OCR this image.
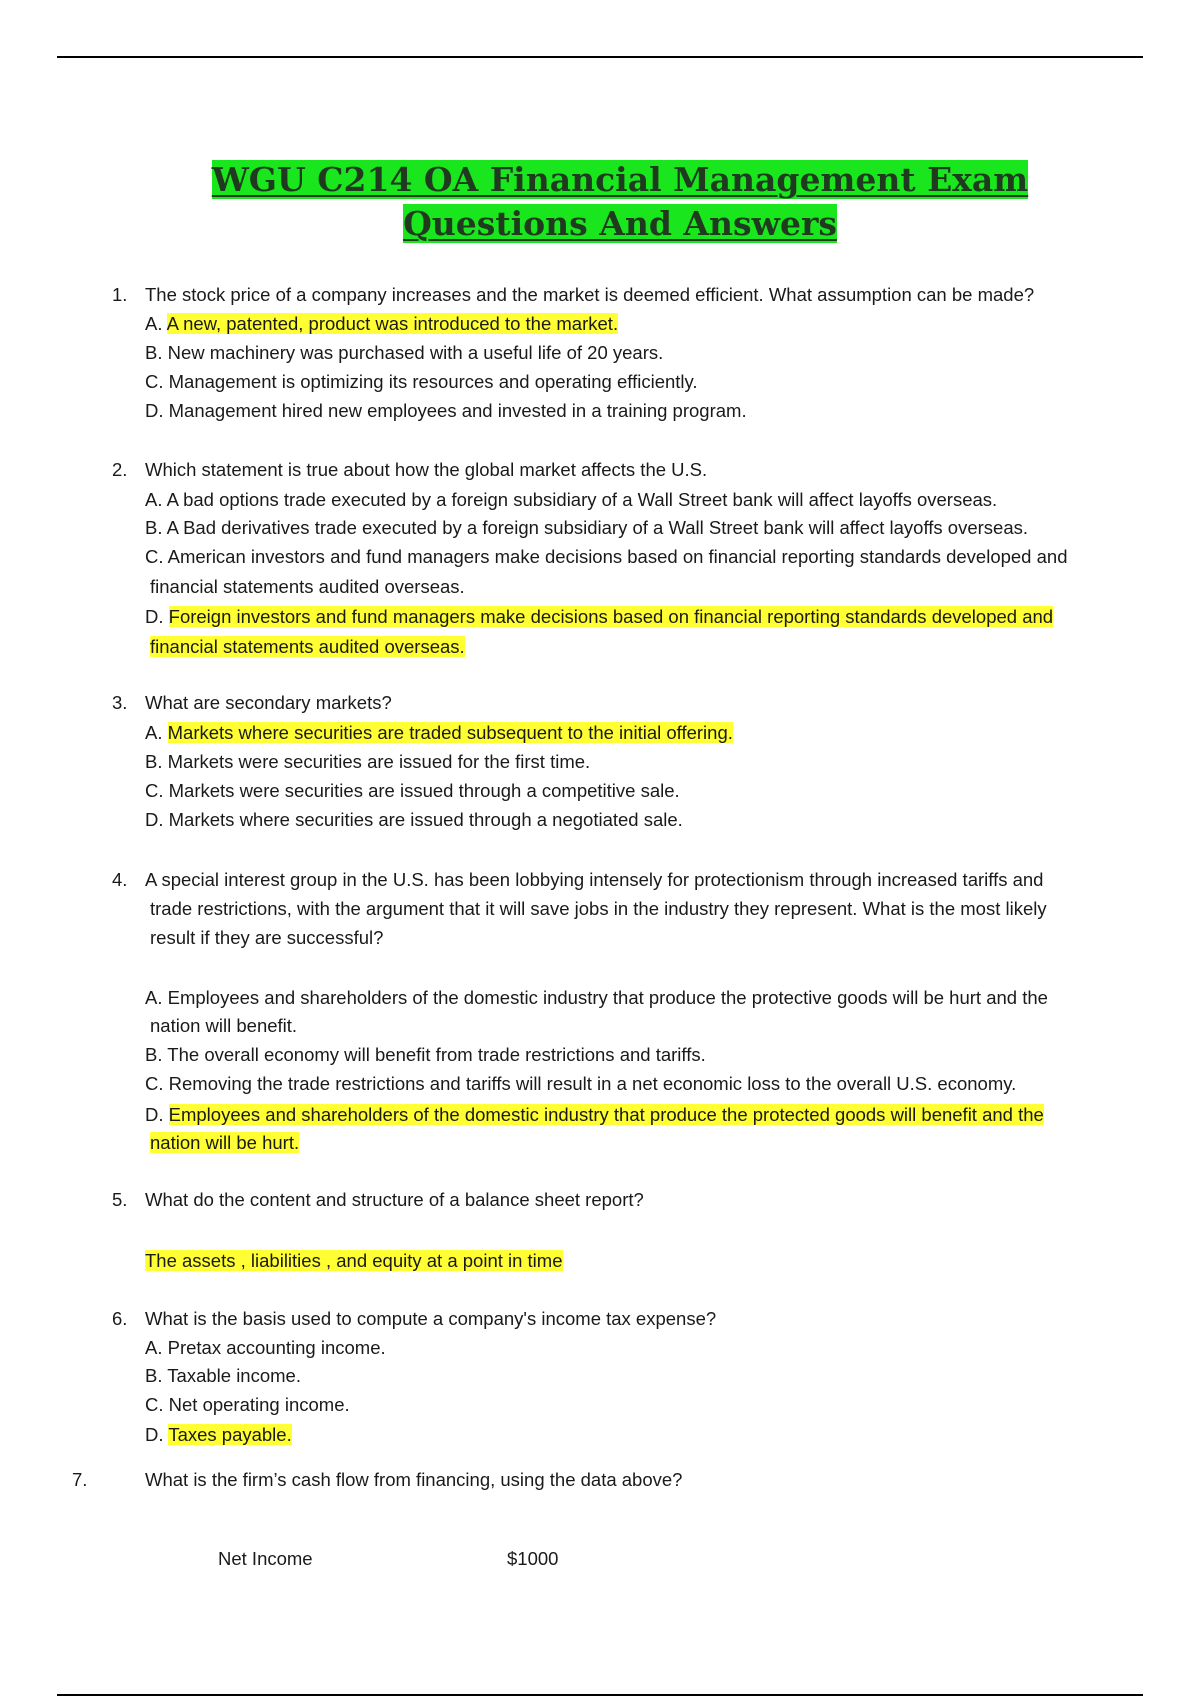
WGU C214 OA Financial Management Exam Questions And Answers
1. The stock price of a company increases and the market is deemed efficient. What assumption can be made?
A. A new, patented, product was introduced to the market.
B. New machinery was purchased with a useful life of 20 years.
C. Management is optimizing its resources and operating efficiently.
D. Management hired new employees and invested in a training program.
2. Which statement is true about how the global market affects the U.S.
A. A bad options trade executed by a foreign subsidiary of a Wall Street bank will affect layoffs overseas.
B. A Bad derivatives trade executed by a foreign subsidiary of a Wall Street bank will affect layoffs overseas.
C. American investors and fund managers make decisions based on financial reporting standards developed and
financial statements audited overseas.
D. Foreign investors and fund managers make decisions based on financial reporting standards developed and
financial statements audited overseas.
3. What are secondary markets?
A. Markets where securities are traded subsequent to the initial offering.
B. Markets were securities are issued for the first time.
C. Markets were securities are issued through a competitive sale.
D. Markets where securities are issued through a negotiated sale.
4. A special interest group in the U.S. has been lobbying intensely for protectionism through increased tariffs and
trade restrictions, with the argument that it will save jobs in the industry they represent. What is the most likely
result if they are successful?
A. Employees and shareholders of the domestic industry that produce the protective goods will be hurt and the
nation will benefit.
B. The overall economy will benefit from trade restrictions and tariffs.
C. Removing the trade restrictions and tariffs will result in a net economic loss to the overall U.S. economy.
D. Employees and shareholders of the domestic industry that produce the protected goods will benefit and the
nation will be hurt.
5. What do the content and structure of a balance sheet report?
The assets , liabilities , and equity at a point in time
6. What is the basis used to compute a company's income tax expense?
A. Pretax accounting income.
B. Taxable income.
C. Net operating income.
D. Taxes payable.
7.	What is the firm’s cash flow from financing, using the data above?
Net Income	$1000
